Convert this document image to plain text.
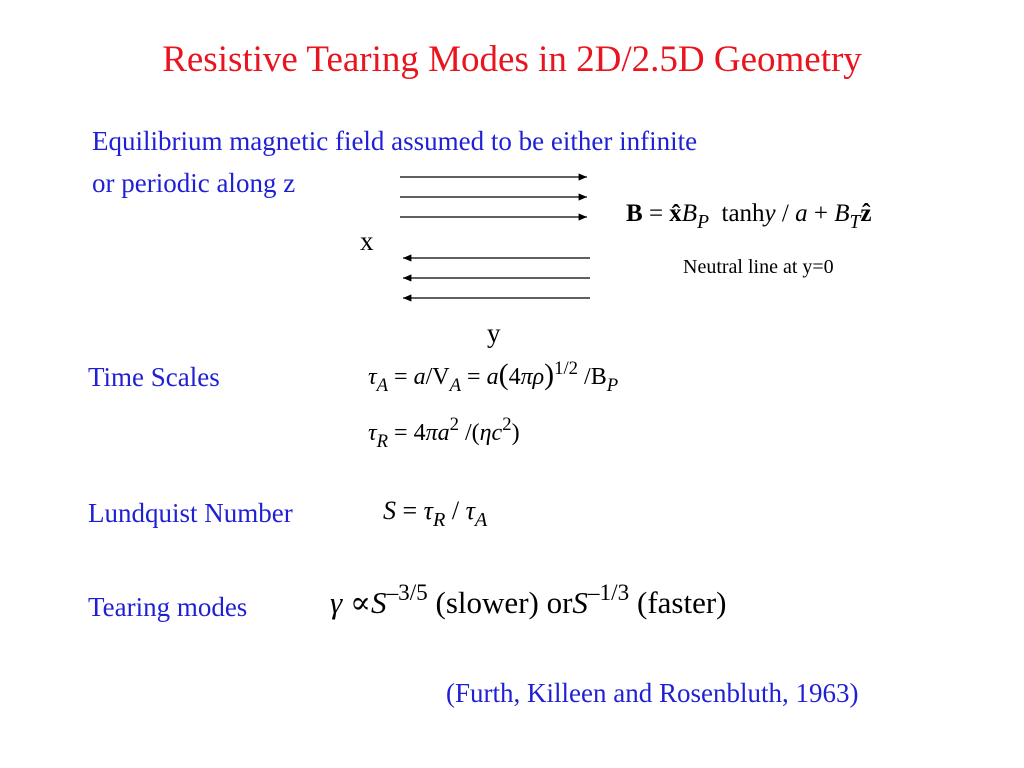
Resistive Tearing Modes in 2D/2.5D Geometry
Equilibrium magnetic field assumed to be either infinite
or periodic along z
x
y
$B = x̂B_P$ $\tanh y / a + B_Tẑ$
Neutral line at y=0
Time Scales	$\tau_A = a/V_A = a(4\pi\rho)^{1/2}$ $/B_P$
$\tau_R = 4\pi a^2$ $/(\eta c^2)$
Lundquist Number	$S = \tau_R / \tau_A$
Tearing modes	$\gamma \propto S^{-3/5}$ (slower) orS$^{-1/3}$ (faster)
(Furth, Killeen and Rosenbluth, 1963)
